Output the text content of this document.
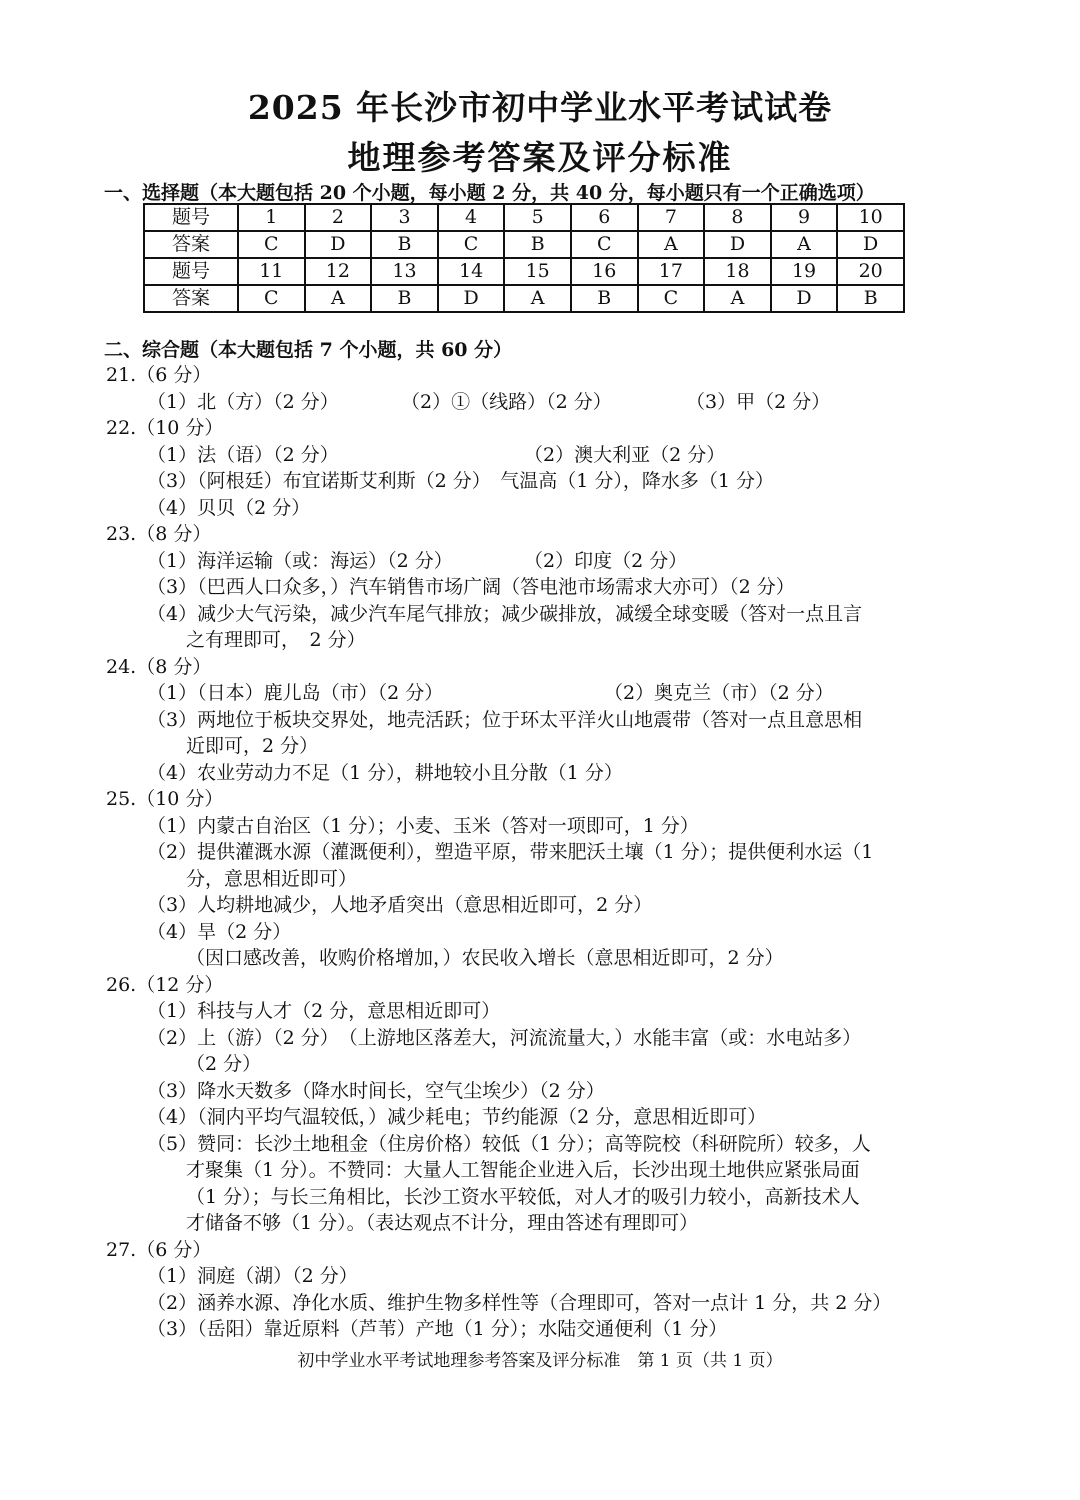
2025 年长沙市初中学业水平考试试卷
地理参考答案及评分标准
一、选择题（本大题包括 20 个小题，每小题 2 分，共 40 分，每小题只有一个正确选项）
题号	1	2	3	4	5	6	7	8	9	10
答案	C	D	B	C	B	C	A	D	A	D
题号	11	12	13	14	15	16	17	18	19	20
答案	C	A	B	D	A	B	C	A	D	B
二、综合题（本大题包括 7 个小题，共 60 分）
21.（6 分）
（1）北（方）（2 分）	（2）①（线路）（2 分）	（3）甲（2 分）
22.（10 分）
（1）法（语）（2 分）	（2）澳大利亚（2 分）
（3）（阿根廷）布宜诺斯艾利斯（2 分）　气温高（1 分），降水多（1 分）
（4）贝贝（2 分）
23.（8 分）
（1）海洋运输（或：海运）（2 分）	（2）印度（2 分）
（3）（巴西人口众多，）汽车销售市场广阔（答电池市场需求大亦可）（2 分）
（4）减少大气污染，减少汽车尾气排放；减少碳排放，减缓全球变暖（答对一点且言
之有理即可，　2 分）
24.（8 分）
（1）（日本）鹿儿岛（市）（2 分）	（2）奥克兰（市）（2 分）
（3）两地位于板块交界处，地壳活跃；位于环太平洋火山地震带（答对一点且意思相
近即可，2 分）
（4）农业劳动力不足（1 分），耕地较小且分散（1 分）
25.（10 分）
（1）内蒙古自治区（1 分）；小麦、玉米（答对一项即可，1 分）
（2）提供灌溉水源（灌溉便利），塑造平原，带来肥沃土壤（1 分）；提供便利水运（1
分，意思相近即可）
（3）人均耕地减少，人地矛盾突出（意思相近即可，2 分）
（4）旱（2 分）
（因口感改善，收购价格增加，）农民收入增长（意思相近即可，2 分）
26.（12 分）
（1）科技与人才（2 分，意思相近即可）
（2）上（游）（2 分）　（上游地区落差大，河流流量大，）水能丰富（或：水电站多）
（2 分）
（3）降水天数多（降水时间长，空气尘埃少）（2 分）
（4）（洞内平均气温较低，）减少耗电；节约能源（2 分，意思相近即可）
（5）赞同：长沙土地租金（住房价格）较低（1 分）；高等院校（科研院所）较多，人
才聚集（1 分）。不赞同：大量人工智能企业进入后，长沙出现土地供应紧张局面
（1 分）；与长三角相比，长沙工资水平较低，对人才的吸引力较小，高新技术人
才储备不够（1 分）。（表达观点不计分，理由答述有理即可）
27.（6 分）
（1）洞庭（湖）（2 分）
（2）涵养水源、净化水质、维护生物多样性等（合理即可，答对一点计 1 分，共 2 分）
（3）（岳阳）靠近原料（芦苇）产地（1 分）；水陆交通便利（1 分）
初中学业水平考试地理参考答案及评分标准　第 1 页（共 1 页）
